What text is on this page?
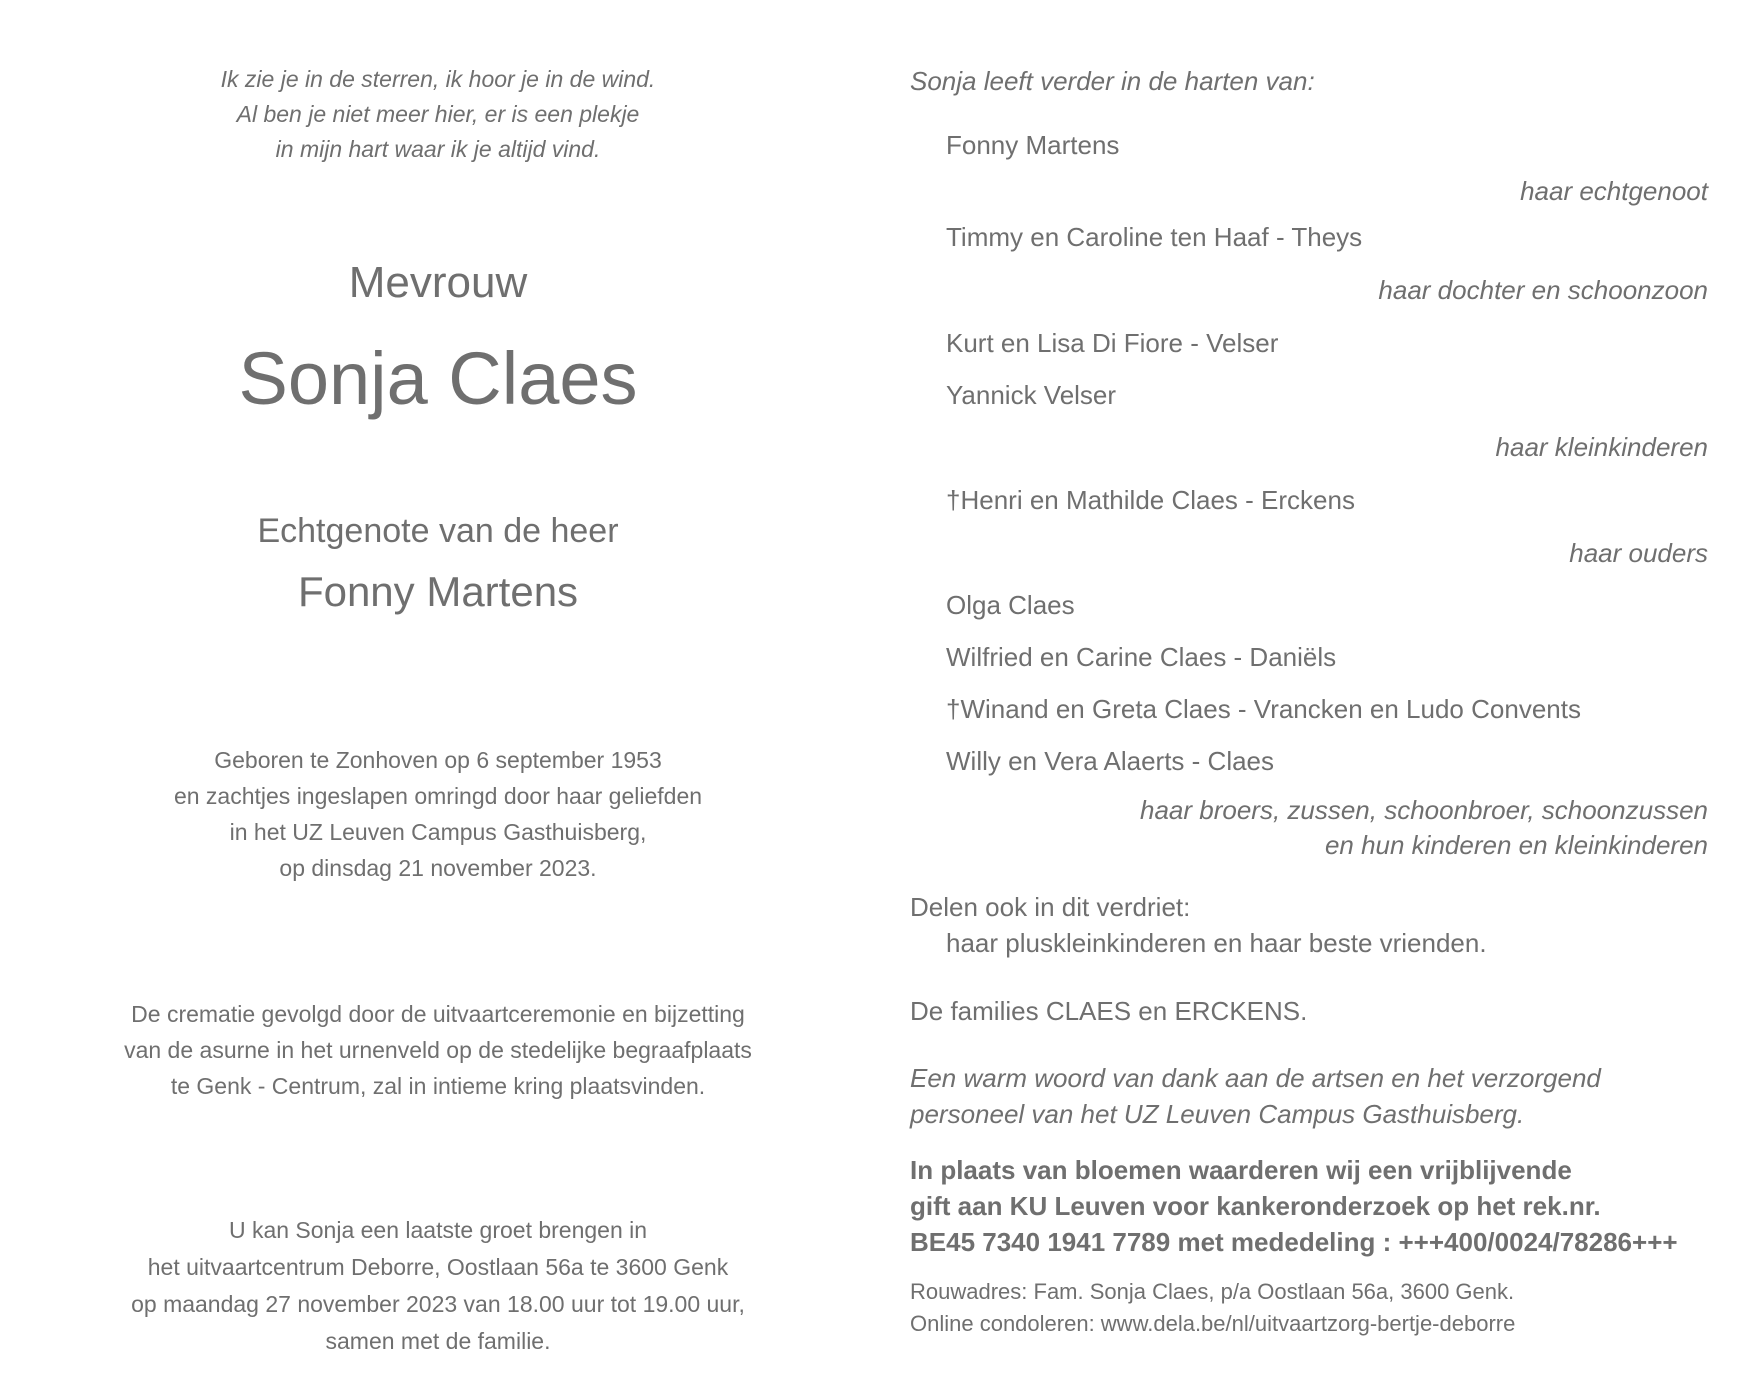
Ik zie je in de sterren, ik hoor je in de wind.
Al ben je niet meer hier, er is een plekje
in mijn hart waar ik je altijd vind.
Mevrouw
Sonja Claes
Echtgenote van de heer
Fonny Martens
Geboren te Zonhoven op 6 september 1953
en zachtjes ingeslapen omringd door haar geliefden
in het UZ Leuven Campus Gasthuisberg,
op dinsdag 21 november 2023.
De crematie gevolgd door de uitvaartceremonie en bijzetting
van de asurne in het urnenveld op de stedelijke begraafplaats
te Genk - Centrum, zal in intieme kring plaatsvinden.
U kan Sonja een laatste groet brengen in
het uitvaartcentrum Deborre, Oostlaan 56a te 3600 Genk
op maandag 27 november 2023 van 18.00 uur tot 19.00 uur,
samen met de familie.
Sonja leeft verder in de harten van:
Fonny Martens
haar echtgenoot
Timmy en Caroline ten Haaf - Theys
haar dochter en schoonzoon
Kurt en Lisa Di Fiore - Velser
Yannick Velser
haar kleinkinderen
†Henri en Mathilde Claes - Erckens
haar ouders
Olga Claes
Wilfried en Carine Claes - Daniëls
†Winand en Greta Claes - Vrancken en Ludo Convents
Willy en Vera Alaerts - Claes
haar broers, zussen, schoonbroer, schoonzussen
en hun kinderen en kleinkinderen
Delen ook in dit verdriet:
haar pluskleinkinderen en haar beste vrienden.
De families CLAES en ERCKENS.
Een warm woord van dank aan de artsen en het verzorgend
personeel van het UZ Leuven Campus Gasthuisberg.
In plaats van bloemen waarderen wij een vrijblijvende
gift aan KU Leuven voor kankeronderzoek op het rek.nr.
BE45 7340 1941 7789 met mededeling : +++400/0024/78286+++
Rouwadres: Fam. Sonja Claes, p/a Oostlaan 56a, 3600 Genk.
Online condoleren: www.dela.be/nl/uitvaartzorg-bertje-deborre
